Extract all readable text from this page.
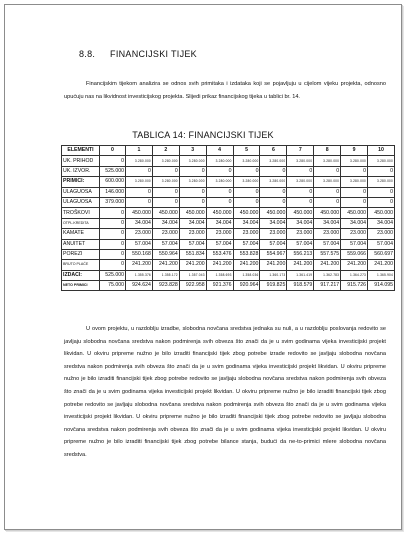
8.8. FINANCIJSKI TIJEK

Financijskim tijekom analizira se odnos svih primitaka i izdataka koji se pojavljuju u cijelom vijeku projekta, odnosno upućuju nas na likvidnost investicijskog projekta. Slijedi prikaz financijskog tijeka u tablici br. 14.

TABLICA 14: FINANCIJSKI TIJEK
ELEMENTI	0	1	2	3	4	5	6	7	8	9	10
UK. PRIHOD	0	3.280.000	3.280.000	3.280.000	3.280.000	3.280.000	3.280.000	3.280.000	3.280.000	3.280.000	3.280.000
UK. IZVOR.	525.000	0	0	0	0	0	0	0	0	0	0
PRIMICI:	600.000	3.280.000	3.280.000	3.280.000	3.280.000	3.280.000	3.280.000	3.280.000	3.280.000	3.280.000	3.280.000
ULAGUOSA	146.000	0	0	0	0	0	0	0	0	0	0
ULAGUOSA	379.000	0	0	0	0	0	0	0	0	0	0
TROŠKOVI	0	450.000	450.000	450.000	450.000	450.000	450.000	450.000	450.000	450.000	450.000
OTPL.KREDITA	0	34.004	34.004	34.004	34.004	34.004	34.004	34.004	34.004	34.004	34.004
KAMATE	0	23.000	23.000	23.000	23.000	23.000	23.000	23.000	23.000	23.000	23.000
ANUITET	0	57.004	57.004	57.004	57.004	57.004	57.004	57.004	57.004	57.004	57.004
POREZI	0	550.168	550.964	551.834	553.476	553.828	554.967	556.213	557.575	559.066	560.697
BRUTO PLAĆE	0	241.200	241.200	241.200	241.200	241.200	241.200	241.200	241.200	241.200	241.200
IZDACI:	525.000	1.355.376	1.355.172	1.357.043	1.358.693	1.358.036	1.360.173	1.361.419	1.362.783	1.364.273	1.365.904
NETO PRIMICI	75.000	924.624	923.828	922.958	921.376	920.964	919.825	918.579	917.217	915.726	914.095

U ovom projektu, u razdoblju izradbe, slobodna novčana sredstva jednaka su nuli, a u razdoblju poslovanja redovito se javljaju slobodna novčana sredstva nakon podmirenja svih obveza što znači da je u svim godinama vijeka investicijski projekt likvidan. U okviru pripreme nužno je bilo izraditi financijski tijek zbog potrebe izrade redovito se javljaju slobodna novčana sredstva nakon podmirenja svih obveza što znači da je u svim godinama vijeka investicijski projekt likvidan. U okviru pripreme nužno je bilo izraditi financijski tijek zbog potrebe redovito se javljaju slobodna novčana sredstva nakon podmirenja svih obveza što znači da je u svim godinama vijeka investicijski projekt likvidan. U okviru pripreme nužno je bilo izraditi financijski tijek zbog potrebe redovito se javljaju slobodna novčana sredstva nakon podmirenja svih obveza što znači da je u svim godinama vijeka investicijski projekt likvidan. U okviru pripreme nužno je bilo izraditi financijski tijek zbog potrebe redovito se javljaju slobodna novčana sredstva nakon podmirenja svih obveza što znači da je u svim godinama vijeka investicijski projekt likvidan. U okviru pripreme nužno je bilo izraditi financijski tijek zbog potrebe bilance stanja, budući da ne-to-primici mlere slobodna novčana sredstva.
